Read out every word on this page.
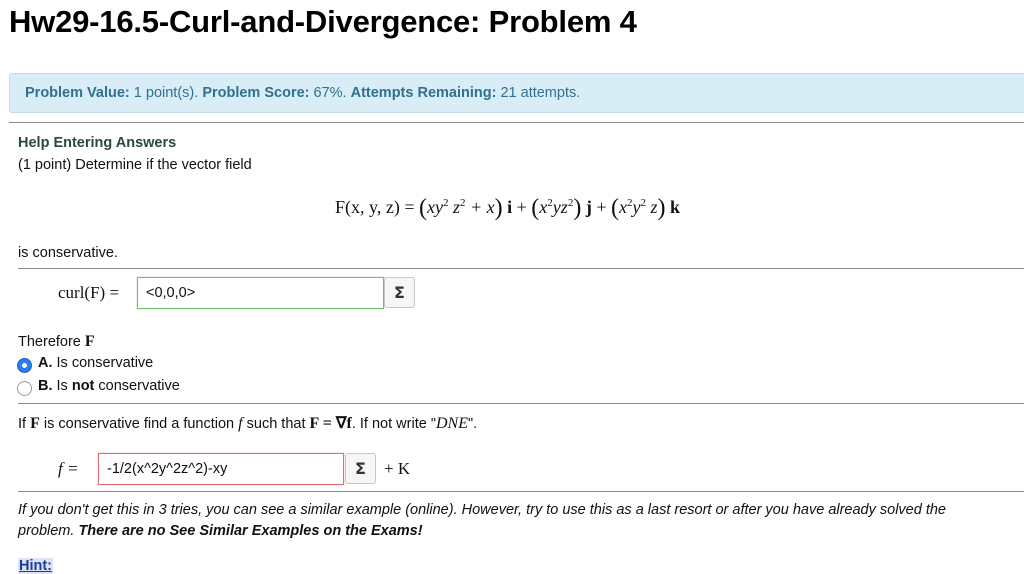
Hw29-16.5-Curl-and-Divergence: Problem 4
Problem Value: 1 point(s). Problem Score: 67%. Attempts Remaining: 21 attempts.
Help Entering Answers
(1 point) Determine if the vector field
F(x, y, $z) = (xy^2$ $z^2 + x$) $i + (x^2yz^2) j + (x^2y^2$ z) k
is conservative.
curl(F) =
<0,0,0>	Σ
Therefore F
A. Is conservative
B. Is not conservative
If F is conservative find a function f such that F = ∇f. If not write "DNE".
f =
-1/2(x^2y^2z^2)-xy	Σ	+ K
If you don't get this in 3 tries, you can see a similar example (online). However, try to use this as a last resort or after you have already solved the
problem. There are no See Similar Examples on the Exams!
Hint:
